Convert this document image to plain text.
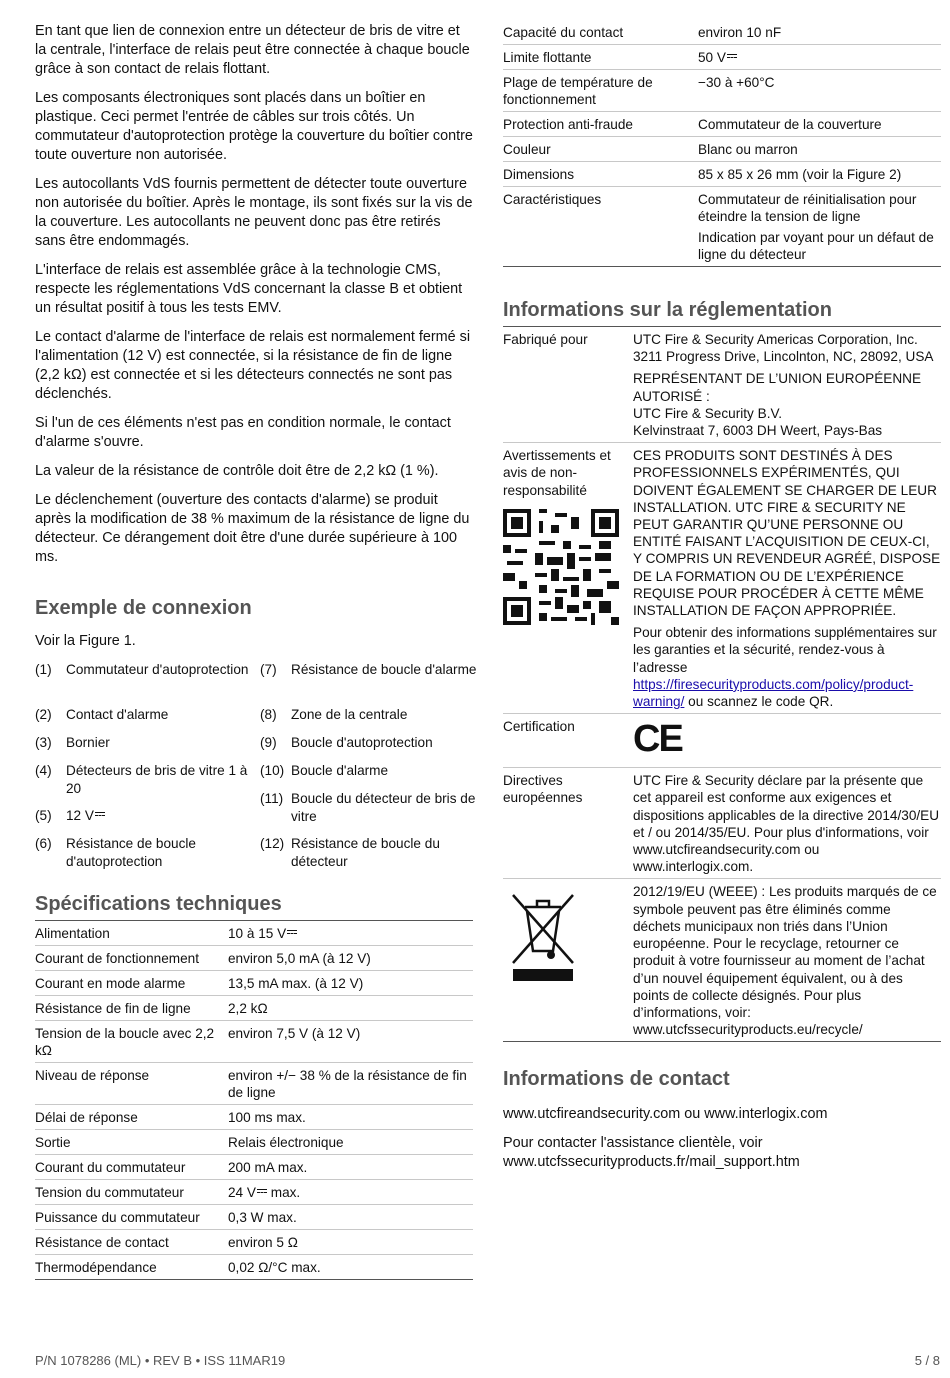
En tant que lien de connexion entre un détecteur de bris de vitre et la centrale, l'interface de relais peut être connectée à chaque boucle grâce à son contact de relais flottant.

Les composants électroniques sont placés dans un boîtier en plastique. Ceci permet l'entrée de câbles sur trois côtés. Un commutateur d'autoprotection protège la couverture du boîtier contre toute ouverture non autorisée.

Les autocollants VdS fournis permettent de détecter toute ouverture non autorisée du boîtier. Après le montage, ils sont fixés sur la vis de la couverture. Les autocollants ne peuvent donc pas être retirés sans être endommagés.

L'interface de relais est assemblée grâce à la technologie CMS, respecte les réglementations VdS concernant la classe B et obtient un résultat positif à tous les tests EMV.

Le contact d'alarme de l'interface de relais est normalement fermé si l'alimentation (12 V) est connectée, si la résistance de fin de ligne (2,2 kΩ) est connectée et si les détecteurs connectés ne sont pas déclenchés.

Si l'un de ces éléments n'est pas en condition normale, le contact d'alarme s'ouvre.

La valeur de la résistance de contrôle doit être de 2,2 kΩ (1 %).

Le déclenchement (ouverture des contacts d'alarme) se produit après la modification de 38 % maximum de la résistance de ligne du détecteur. Ce dérangement doit être d'une durée supérieure à 100 ms.

Exemple de connexion

Voir la Figure 1.

(1) Commutateur d'autoprotection
(2) Contact d'alarme
(3) Bornier
(4) Détecteurs de bris de vitre 1 à 20
(5) 12 V
(6) Résistance de boucle d'autoprotection
(7) Résistance de boucle d'alarme
(8) Zone de la centrale
(9) Boucle d'autoprotection
(10) Boucle d'alarme
(11) Boucle du détecteur de bris de vitre
(12) Résistance de boucle du détecteur
Spécifications techniques
Alimentation	10 à 15 V
Courant de fonctionnement	environ 5,0 mA (à 12 V)
Courant en mode alarme	13,5 mA max. (à 12 V)
Résistance de fin de ligne	2,2 kΩ
Tension de la boucle avec 2,2 kΩ	environ 7,5 V (à 12 V)
Niveau de réponse	environ +/− 38 % de la résistance de fin de ligne
Délai de réponse	100 ms max.
Sortie	Relais électronique
Courant du commutateur	200 mA max.
Tension du commutateur	24 V max.
Puissance du commutateur	0,3 W max.
Résistance de contact	environ 5 Ω
Thermodépendance	0,02 Ω/°C max.
Capacité du contact	environ 10 nF
Limite flottante	50 V
Plage de température de fonctionnement	−30 à +60°C
Protection anti-fraude	Commutateur de la couverture
Couleur	Blanc ou marron
Dimensions	85 x 85 x 26 mm (voir la Figure 2)
Caractéristiques	Commutateur de réinitialisation pour éteindre la tension de ligne
Indication par voyant pour un défaut de ligne du détecteur
Informations sur la réglementation
Fabriqué pour	UTC Fire & Security Americas Corporation, Inc. 3211 Progress Drive, Lincolnton, NC, 28092, USA
REPRÉSENTANT DE L’UNION EUROPÉENNE AUTORISÉ :
UTC Fire & Security B.V.
Kelvinstraat 7, 6003 DH Weert, Pays-Bas

Avertissements et avis de non-responsabilité	CES PRODUITS SONT DESTINÉS À DES PROFESSIONNELS EXPÉRIMENTÉS, QUI DOIVENT ÉGALEMENT SE CHARGER DE LEUR INSTALLATION. UTC FIRE & SECURITY NE PEUT GARANTIR QU’UNE PERSONNE OU ENTITÉ FAISANT L’ACQUISITION DE CEUX-CI, Y COMPRIS UN REVENDEUR AGRÉÉ, DISPOSE DE LA FORMATION OU DE L’EXPÉRIENCE REQUISE POUR PROCÉDER À CETTE MÊME INSTALLATION DE FAÇON APPROPRIÉE.
Pour obtenir des informations supplémentaires sur les garanties et la sécurité, rendez-vous à l’adresse https://firesecurityproducts.com/policy/product-warning/ ou scannez le code QR.

Certification	CE

Directives européennes	UTC Fire & Security déclare par la présente que cet appareil est conforme aux exigences et dispositions applicables de la directive 2014/30/EU et / ou 2014/35/EU. Pour plus d'informations, voir www.utcfireandsecurity.com ou www.interlogix.com.

	2012/19/EU (WEEE) : Les produits marqués de ce symbole peuvent pas être éliminés comme déchets municipaux non triés dans l’Union européenne. Pour le recyclage, retourner ce produit à votre fournisseur au moment de l’achat d’un nouvel équipement équivalent, ou à des points de collecte désignés. Pour plus d’informations, voir: www.utcfssecurityproducts.eu/recycle/
Informations de contact

www.utcfireandsecurity.com ou www.interlogix.com

Pour contacter l'assistance clientèle, voir www.utcfssecurityproducts.fr/mail_support.htm

P/N 1078286 (ML) • REV B • ISS 11MAR19	5 / 8
